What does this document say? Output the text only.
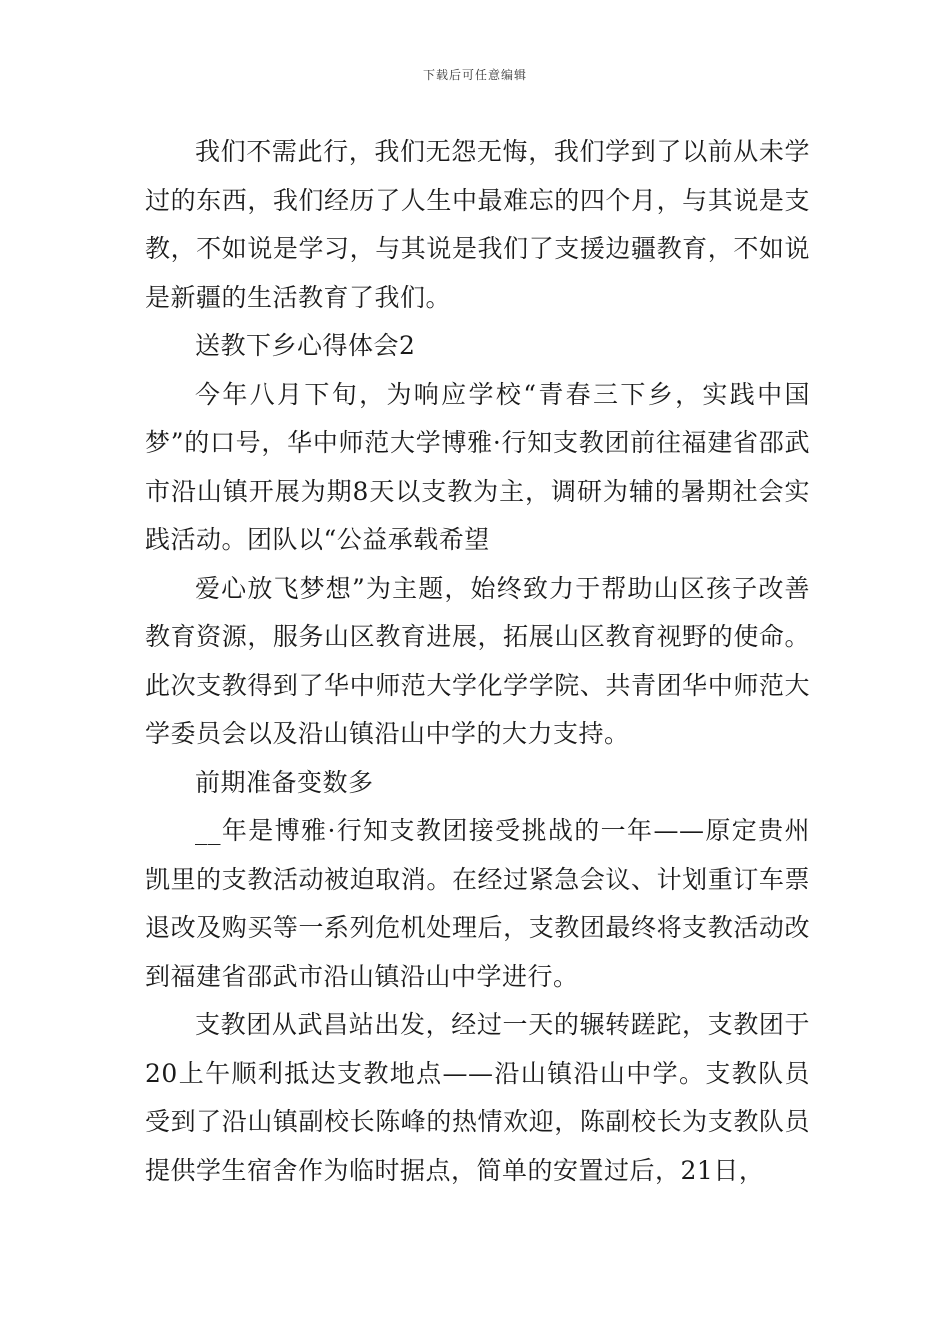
下载后可任意编辑

我们不需此行，我们无怨无悔，我们学到了以前从未学过的东西，我们经历了人生中最难忘的四个月，与其说是支教，不如说是学习，与其说是我们了支援边疆教育，不如说是新疆的生活教育了我们。

送教下乡心得体会2

今年八月下旬，为响应学校“青春三下乡，实践中国梦”的口号，华中师范大学博雅·行知支教团前往福建省邵武市沿山镇开展为期8天以支教为主，调研为辅的暑期社会实践活动。团队以“公益承载希望

爱心放飞梦想”为主题，始终致力于帮助山区孩子改善教育资源，服务山区教育进展，拓展山区教育视野的使命。此次支教得到了华中师范大学化学学院、共青团华中师范大学委员会以及沿山镇沿山中学的大力支持。

前期准备变数多

__年是博雅·行知支教团接受挑战的一年——原定贵州凯里的支教活动被迫取消。在经过紧急会议、计划重订车票退改及购买等一系列危机处理后，支教团最终将支教活动改到福建省邵武市沿山镇沿山中学进行。

支教团从武昌站出发，经过一天的辗转蹉跎，支教团于20上午顺利抵达支教地点——沿山镇沿山中学。支教队员受到了沿山镇副校长陈峰的热情欢迎，陈副校长为支教队员提供学生宿舍作为临时据点，简单的安置过后，21日，
